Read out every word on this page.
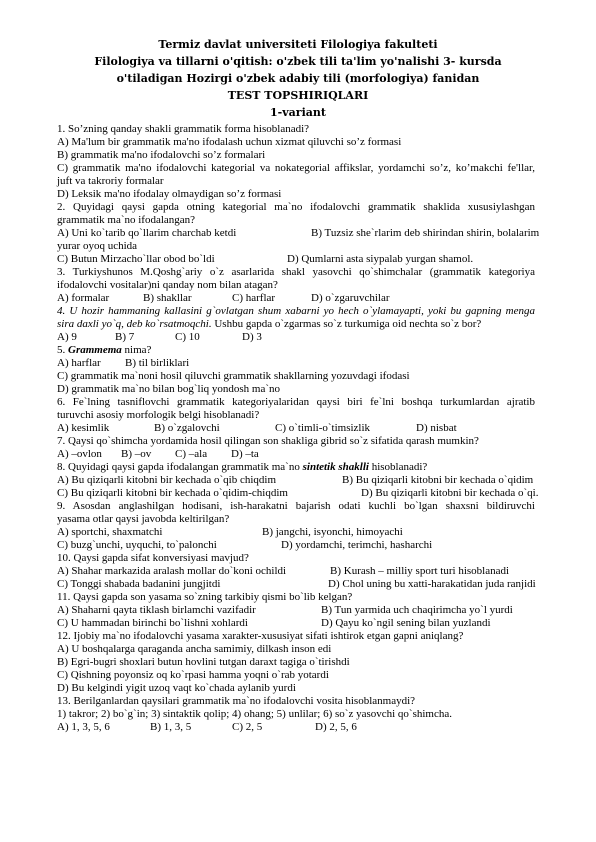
Termiz davlat universiteti Filologiya fakulteti
Filologiya va tillarni o'qitish: o'zbek tili ta'lim yo'nalishi 3- kursda
o'tiladigan Hozirgi o'zbek adabiy tili (morfologiya) fanidan
TEST TOPSHIRIQLARI
1-variant
1. So’zning qanday shakli grammatik forma hisoblanadi?
A) Ma'lum bir grammatik ma'no ifodalash uchun xizmat qiluvchi so’z formasi
B) grammatik ma'no ifodalovchi so’z formalari
C) grammatik ma'no ifodalovchi kategorial va nokategorial affikslar, yordamchi so’z, ko’makchi fe'llar,
juft va takroriy formalar
D) Leksik ma'no ifodalay olmaydigan so’z formasi
2. Quyidagi qaysi gapda otning kategorial ma`no ifodalovchi grammatik shaklida xususiylashgan
grammatik ma`no ifodalangan?
A) Uni ko`tarib qo`llarim charchab ketdi	B) Tuzsiz she`rlarim deb shirindan shirin, bolalarim
yurar oyoq uchida
C) Butun Mirzacho`llar obod bo`ldi	D) Qumlarni asta siypalab yurgan shamol.
3. Turkiyshunos M.Qoshg`ariy o`z asarlarida shakl yasovchi qo`shimchalar (grammatik kategoriya
ifodalovchi vositalar)ni qanday nom bilan atagan?
A) formalar	B) shakllar	C) harflar	D) o`zgaruvchilar
4. U hozir hammaning kallasini g`ovlatgan shum xabarni yo hech o`ylamayapti, yoki bu gapning menga
sira daxli yo`q, deb ko`rsatmoqchi. Ushbu gapda o`zgarmas so`z turkumiga oid nechta so`z bor?
A) 9	B) 7	C) 10	D) 3
5. Grammema nima?
A) harflar B) til birliklari
C) grammatik ma`noni hosil qiluvchi grammatik shakllarning yozuvdagi ifodasi
D) grammatik ma`no bilan bog`liq yondosh ma`no
6. Fe`lning tasniflovchi grammatik kategoriyalaridan qaysi biri fe`lni boshqa turkumlardan ajratib
turuvchi asosiy morfologik belgi hisoblanadi?
A) kesimlik	B) o`zgalovchi	C) o`timli-o`timsizlik	D) nisbat
7. Qaysi qo`shimcha yordamida hosil qilingan son shakliga gibrid so`z sifatida qarash mumkin?
A) –ovlon B) –ov C) –ala D) –ta
8. Quyidagi qaysi gapda ifodalangan grammatik ma`no sintetik shaklli hisoblanadi?
A) Bu qiziqarli kitobni bir kechada o`qib chiqdim	B) Bu qiziqarli kitobni bir kechada o`qidim
C) Bu qiziqarli kitobni bir kechada o`qidim-chiqdim	D) Bu qiziqarli kitobni bir kechada o`qi.
9. Asosdan anglashilgan hodisani, ish-harakatni bajarish odati kuchli bo`lgan shaxsni bildiruvchi
yasama otlar qaysi javobda keltirilgan?
A) sportchi, shaxmatchi	B) jangchi, isyonchi, himoyachi
C) buzg`unchi, uyquchi, to`palonchi	D) yordamchi, terimchi, hasharchi
10. Qaysi gapda sifat konversiyasi mavjud?
A) Shahar markazida aralash mollar do`koni ochildi	B) Kurash – milliy sport turi hisoblanadi
C) Tonggi shabada badanini jungjitdi	D) Chol uning bu xatti-harakatidan juda ranjidi
11. Qaysi gapda son yasama so`zning tarkibiy qismi bo`lib kelgan?
A) Shaharni qayta tiklash birlamchi vazifadir	B) Tun yarmida uch chaqirimcha yo`l yurdi
C) U hammadan birinchi bo`lishni xohlardi	D) Qayu ko`ngil sening bilan yuzlandi
12. Ijobiy ma`no ifodalovchi yasama xarakter-xususiyat sifati ishtirok etgan gapni aniqlang?
A) U boshqalarga qaraganda ancha samimiy, dilkash inson edi
B) Egri-bugri shoxlari butun hovlini tutgan daraxt tagiga o`tirishdi
C) Qishning poyonsiz oq ko`rpasi hamma yoqni o`rab yotardi
D) Bu kelgindi yigit uzoq vaqt ko`chada aylanib yurdi
13. Berilganlardan qaysilari grammatik ma`no ifodalovchi vosita hisoblanmaydi?
1) takror; 2) bo`g`in; 3) sintaktik qolip; 4) ohang; 5) unlilar; 6) so`z yasovchi qo`shimcha.
A) 1, 3, 5, 6	B) 1, 3, 5	C) 2, 5	D) 2, 5, 6
